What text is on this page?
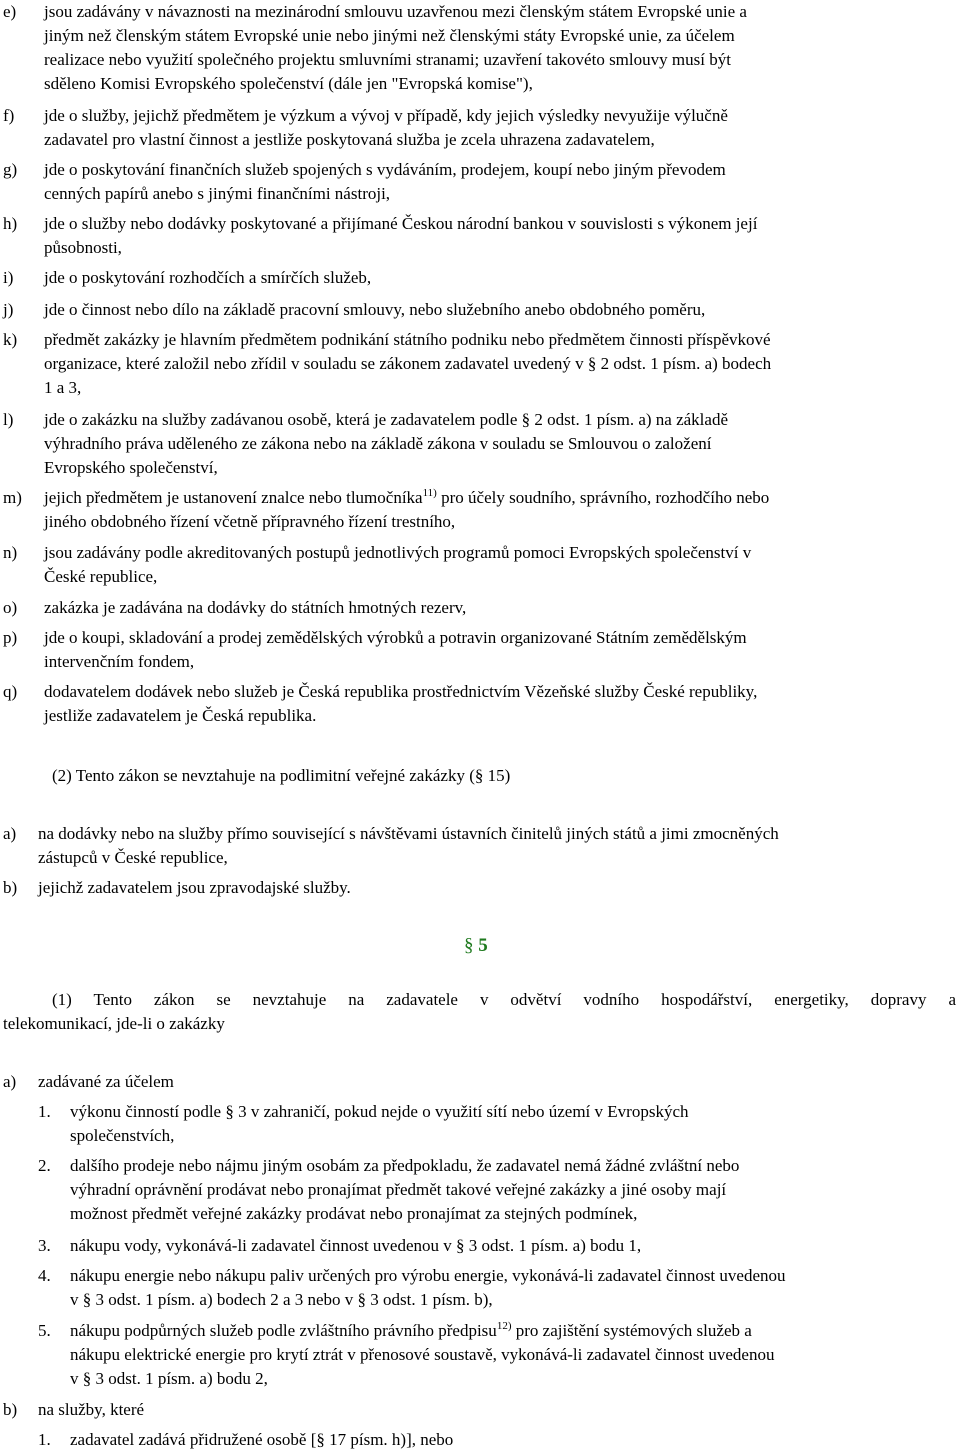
e) jsou zadávány v návaznosti na mezinárodní smlouvu uzavřenou mezi členským státem Evropské unie a
jiným než členským státem Evropské unie nebo jinými než členskými státy Evropské unie, za účelem
realizace nebo využití společného projektu smluvními stranami; uzavření takovéto smlouvy musí být
sděleno Komisi Evropského společenství (dále jen "Evropská komise"),
f) jde o služby, jejichž předmětem je výzkum a vývoj v případě, kdy jejich výsledky nevyužije výlučně
zadavatel pro vlastní činnost a jestliže poskytovaná služba je zcela uhrazena zadavatelem,
g) jde o poskytování finančních služeb spojených s vydáváním, prodejem, koupí nebo jiným převodem
cenných papírů anebo s jinými finančními nástroji,
h) jde o služby nebo dodávky poskytované a přijímané Českou národní bankou v souvislosti s výkonem její
působnosti,
i) jde o poskytování rozhodčích a smírčích služeb,
j) jde o činnost nebo dílo na základě pracovní smlouvy, nebo služebního anebo obdobného poměru,
k) předmět zakázky je hlavním předmětem podnikání státního podniku nebo předmětem činnosti příspěvkové
organizace, které založil nebo zřídil v souladu se zákonem zadavatel uvedený v § 2 odst. 1 písm. a) bodech
1 a 3,
l) jde o zakázku na služby zadávanou osobě, která je zadavatelem podle § 2 odst. 1 písm. a) na základě
výhradního práva uděleného ze zákona nebo na základě zákona v souladu se Smlouvou o založení
Evropského společenství,
m) jejich předmětem je ustanovení znalce nebo tlumočníka$^{11)}$ pro účely soudního, správního, rozhodčího nebo
jiného obdobného řízení včetně přípravného řízení trestního,
n) jsou zadávány podle akreditovaných postupů jednotlivých programů pomoci Evropských společenství v
České republice,
o) zakázka je zadávána na dodávky do státních hmotných rezerv,
p) jde o koupi, skladování a prodej zemědělských výrobků a potravin organizované Státním zemědělským
intervenčním fondem,
q) dodavatelem dodávek nebo služeb je Česká republika prostřednictvím Vězeňské služby České republiky,
jestliže zadavatelem je Česká republika.
(2) Tento zákon se nevztahuje na podlimitní veřejné zakázky (§ 15)
a) na dodávky nebo na služby přímo související s návštěvami ústavních činitelů jiných států a jimi zmocněných
zástupců v České republice,
b) jejichž zadavatelem jsou zpravodajské služby.
§ 5
(1) Tento zákon se nevztahuje na zadavatele v odvětví vodního hospodářství, energetiky, dopravy a
telekomunikací, jde-li o zakázky
a) zadávané za účelem
1. výkonu činností podle § 3 v zahraničí, pokud nejde o využití sítí nebo území v Evropských
společenstvích,
2. dalšího prodeje nebo nájmu jiným osobám za předpokladu, že zadavatel nemá žádné zvláštní nebo
výhradní oprávnění prodávat nebo pronajímat předmět takové veřejné zakázky a jiné osoby mají
možnost předmět veřejné zakázky prodávat nebo pronajímat za stejných podmínek,
3. nákupu vody, vykonává-li zadavatel činnost uvedenou v § 3 odst. 1 písm. a) bodu 1,
4. nákupu energie nebo nákupu paliv určených pro výrobu energie, vykonává-li zadavatel činnost uvedenou
v § 3 odst. 1 písm. a) bodech 2 a 3 nebo v § 3 odst. 1 písm. b),
5. nákupu podpůrných služeb podle zvláštního právního předpisu$^{12)}$ pro zajištění systémových služeb a
nákupu elektrické energie pro krytí ztrát v přenosové soustavě, vykonává-li zadavatel činnost uvedenou
v § 3 odst. 1 písm. a) bodu 2,
b) na služby, které
1. zadavatel zadává přidružené osobě [§ 17 písm. h)], nebo
